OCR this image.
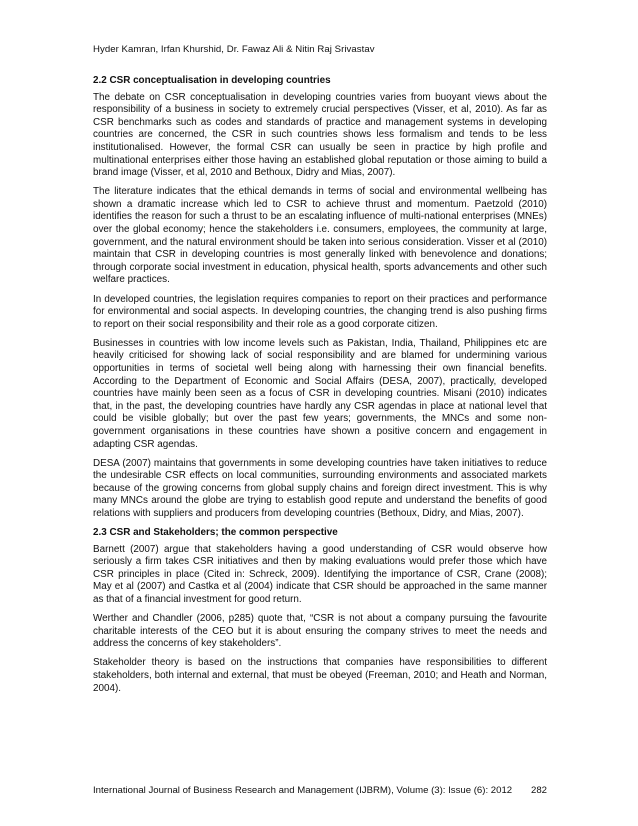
Hyder Kamran, Irfan Khurshid, Dr. Fawaz Ali & Nitin Raj Srivastav
2.2 CSR conceptualisation in developing countries

The debate on CSR conceptualisation in developing countries varies from buoyant views about the responsibility of a business in society to extremely crucial perspectives (Visser, et al, 2010). As far as CSR benchmarks such as codes and standards of practice and management systems in developing countries are concerned, the CSR in such countries shows less formalism and tends to be less institutionalised. However, the formal CSR can usually be seen in practice by high profile and multinational enterprises either those having an established global reputation or those aiming to build a brand image (Visser, et al, 2010 and Bethoux, Didry and Mias, 2007).

The literature indicates that the ethical demands in terms of social and environmental wellbeing has shown a dramatic increase which led to CSR to achieve thrust and momentum. Paetzold (2010) identifies the reason for such a thrust to be an escalating influence of multi-national enterprises (MNEs) over the global economy; hence the stakeholders i.e. consumers, employees, the community at large, government, and the natural environment should be taken into serious consideration. Visser et al (2010) maintain that CSR in developing countries is most generally linked with benevolence and donations; through corporate social investment in education, physical health, sports advancements and other such welfare practices.

In developed countries, the legislation requires companies to report on their practices and performance for environmental and social aspects. In developing countries, the changing trend is also pushing firms to report on their social responsibility and their role as a good corporate citizen.

Businesses in countries with low income levels such as Pakistan, India, Thailand, Philippines etc are heavily criticised for showing lack of social responsibility and are blamed for undermining various opportunities in terms of societal well being along with harnessing their own financial benefits. According to the Department of Economic and Social Affairs (DESA, 2007), practically, developed countries have mainly been seen as a focus of CSR in developing countries. Misani (2010) indicates that, in the past, the developing countries have hardly any CSR agendas in place at national level that could be visible globally; but over the past few years; governments, the MNCs and some non-government organisations in these countries have shown a positive concern and engagement in adapting CSR agendas.

DESA (2007) maintains that governments in some developing countries have taken initiatives to reduce the undesirable CSR effects on local communities, surrounding environments and associated markets because of the growing concerns from global supply chains and foreign direct investment. This is why many MNCs around the globe are trying to establish good repute and understand the benefits of good relations with suppliers and producers from developing countries (Bethoux, Didry, and Mias, 2007).

2.3 CSR and Stakeholders; the common perspective

Barnett (2007) argue that stakeholders having a good understanding of CSR would observe how seriously a firm takes CSR initiatives and then by making evaluations would prefer those which have CSR principles in place (Cited in: Schreck, 2009). Identifying the importance of CSR, Crane (2008); May et al (2007) and Castka et al (2004) indicate that CSR should be approached in the same manner as that of a financial investment for good return.

Werther and Chandler (2006, p285) quote that, “CSR is not about a company pursuing the favourite charitable interests of the CEO but it is about ensuring the company strives to meet the needs and address the concerns of key stakeholders”.

Stakeholder theory is based on the instructions that companies have responsibilities to different stakeholders, both internal and external, that must be obeyed (Freeman, 2010; and Heath and Norman, 2004).

International Journal of Business Research and Management (IJBRM), Volume (3): Issue (6): 2012 282
